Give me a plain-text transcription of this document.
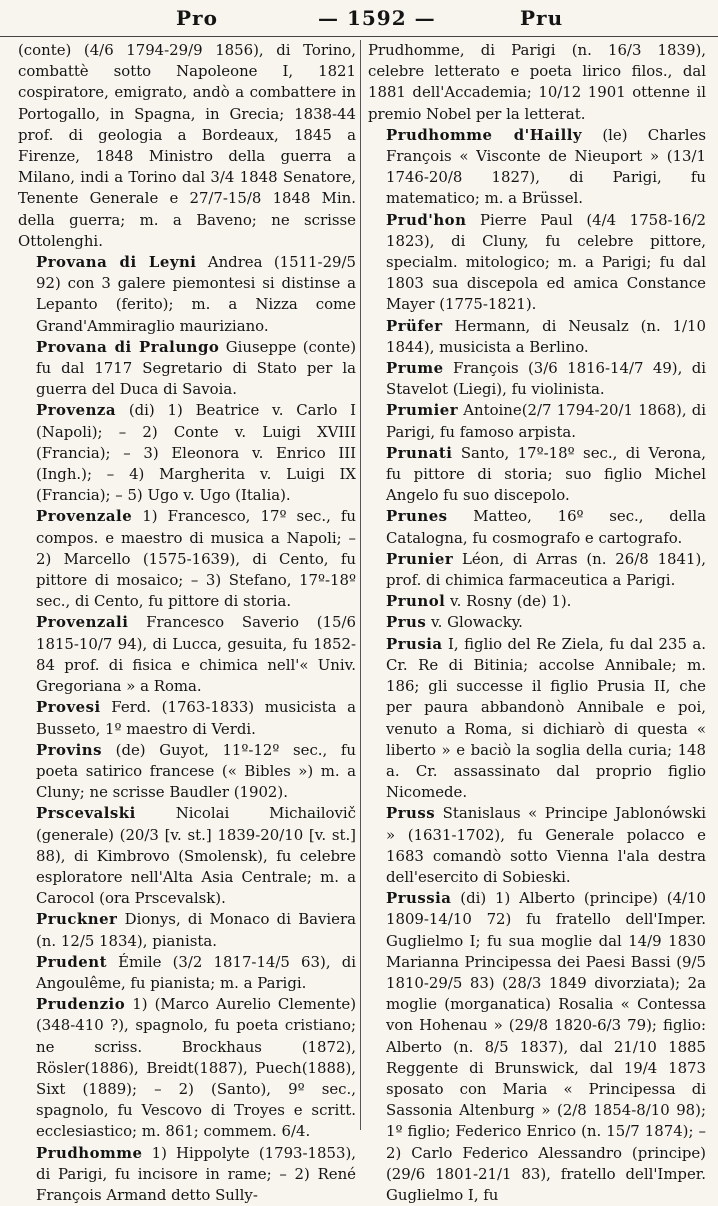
Pro	— 1592 —	Pru

(conte) (4/6 1794-29/9 1856), di Torino, combattè sotto Napoleone I, 1821 cospiratore, emigrato, andò a combattere in Portogallo, in Spagna, in Grecia; 1838-44 prof. di geologia a Bordeaux, 1845 a Firenze, 1848 Ministro della guerra a Milano, indi a Torino dal 3/4 1848 Senatore, Tenente Generale e 27/7-15/8 1848 Min. della guerra; m. a Baveno; ne scrisse Ottolenghi.

Provana di Leyni Andrea (1511-29/5 92) con 3 galere piemontesi si distinse a Lepanto (ferito); m. a Nizza come Grand'Ammiraglio mauriziano.

Provana di Pralungo Giuseppe (conte) fu dal 1717 Segretario di Stato per la guerra del Duca di Savoia.

Provenza (di) 1) Beatrice v. Carlo I (Napoli); – 2) Conte v. Luigi XVIII (Francia); – 3) Eleonora v. Enrico III (Ingh.); – 4) Margherita v. Luigi IX (Francia); – 5) Ugo v. Ugo (Italia).

Provenzale 1) Francesco, 17º sec., fu compos. e maestro di musica a Napoli; – 2) Marcello (1575-1639), di Cento, fu pittore di mosaico; – 3) Stefano, 17º-18º sec., di Cento, fu pittore di storia.

Provenzali Francesco Saverio (15/6 1815-10/7 94), di Lucca, gesuita, fu 1852-84 prof. di fisica e chimica nell'« Univ. Gregoriana » a Roma.

Provesi Ferd. (1763-1833) musicista a Busseto, 1º maestro di Verdi.

Provins (de) Guyot, 11º-12º sec., fu poeta satirico francese (« Bibles ») m. a Cluny; ne scrisse Baudler (1902).

Prscevalski	Nicolai Michailovič (generale) (20/3 [v. st.] 1839-20/10 [v. st.] 88), di Kimbrovo (Smolensk), fu celebre esploratore nell'Alta Asia Centrale; m. a Carocol (ora Prscevalsk).

Pruckner Dionys, di Monaco di Baviera (n. 12/5 1834), pianista.

Prudent Émile (3/2 1817-14/5 63), di Angoulême, fu pianista; m. a Parigi.

Prudenzio 1) (Marco Aurelio Clemente) (348-410 ?), spagnolo, fu poeta cristiano; ne scriss. Brockhaus (1872), Rösler(1886), Breidt(1887), Puech(1888), Sixt (1889); – 2) (Santo), 9º sec., spagnolo, fu Vescovo di Troyes e scritt. ecclesiastico; m. 861; commem. 6/4.

Prudhomme 1) Hippolyte (1793-1853), di Parigi, fu incisore in rame; – 2) René François Armand detto Sully-

Prudhomme, di Parigi (n. 16/3 1839), celebre letterato e poeta lirico filos., dal 1881 dell'Accademia; 10/12 1901 ottenne il premio Nobel per la letterat.

Prudhomme d'Hailly (le) Charles François « Visconte de Nieuport » (13/1 1746-20/8 1827), di Parigi, fu matematico; m. a Brüssel.

Prud'hon Pierre Paul (4/4 1758-16/2 1823), di Cluny, fu celebre pittore, specialm. mitologico; m. a Parigi; fu dal 1803 sua discepola ed amica Constance Mayer (1775-1821).

Prüfer Hermann, di Neusalz (n. 1/10 1844), musicista a Berlino.

Prume François (3/6 1816-14/7 49), di Stavelot (Liegi), fu violinista.

Prumier Antoine(2/7 1794-20/1 1868), di Parigi, fu famoso arpista.

Prunati Santo, 17º-18º sec., di Verona, fu pittore di storia; suo figlio Michel Angelo fu suo discepolo.

Prunes Matteo, 16º sec., della Catalogna, fu cosmografo e cartografo.

Prunier Léon, di Arras (n. 26/8 1841), prof. di chimica farmaceutica a Parigi.

Prunol v. Rosny (de) 1).

Prus v. Glowacky.

Prusia I, figlio del Re Ziela, fu dal 235 a. Cr. Re di Bitinia; accolse Annibale; m. 186; gli successe il figlio Prusia II, che per paura abbandonò Annibale e poi, venuto a Roma, si dichiarò di questa « liberto » e baciò la soglia della curia; 148 a. Cr. assassinato dal proprio figlio Nicomede.

Pruss Stanislaus « Principe Jablonówski » (1631-1702), fu Generale polacco e 1683 comandò sotto Vienna l'ala destra dell'esercito di Sobieski.

Prussia (di) 1) Alberto (principe) (4/10 1809-14/10 72) fu fratello dell'Imper. Guglielmo I; fu sua moglie dal 14/9 1830 Marianna Principessa dei Paesi Bassi (9/5 1810-29/5 83) (28/3 1849 divorziata); 2a moglie (morganatica) Rosalia « Contessa von Hohenau » (29/8 1820-6/3 79); figlio: Alberto (n. 8/5 1837), dal 21/10 1885 Reggente di Brunswick, dal 19/4 1873 sposato con Maria « Principessa di Sassonia Altenburg » (2/8 1854-8/10 98); 1º figlio; Federico Enrico (n. 15/7 1874); – 2) Carlo Federico Alessandro (principe) (29/6 1801-21/1 83), fratello dell'Imper. Guglielmo I, fu
